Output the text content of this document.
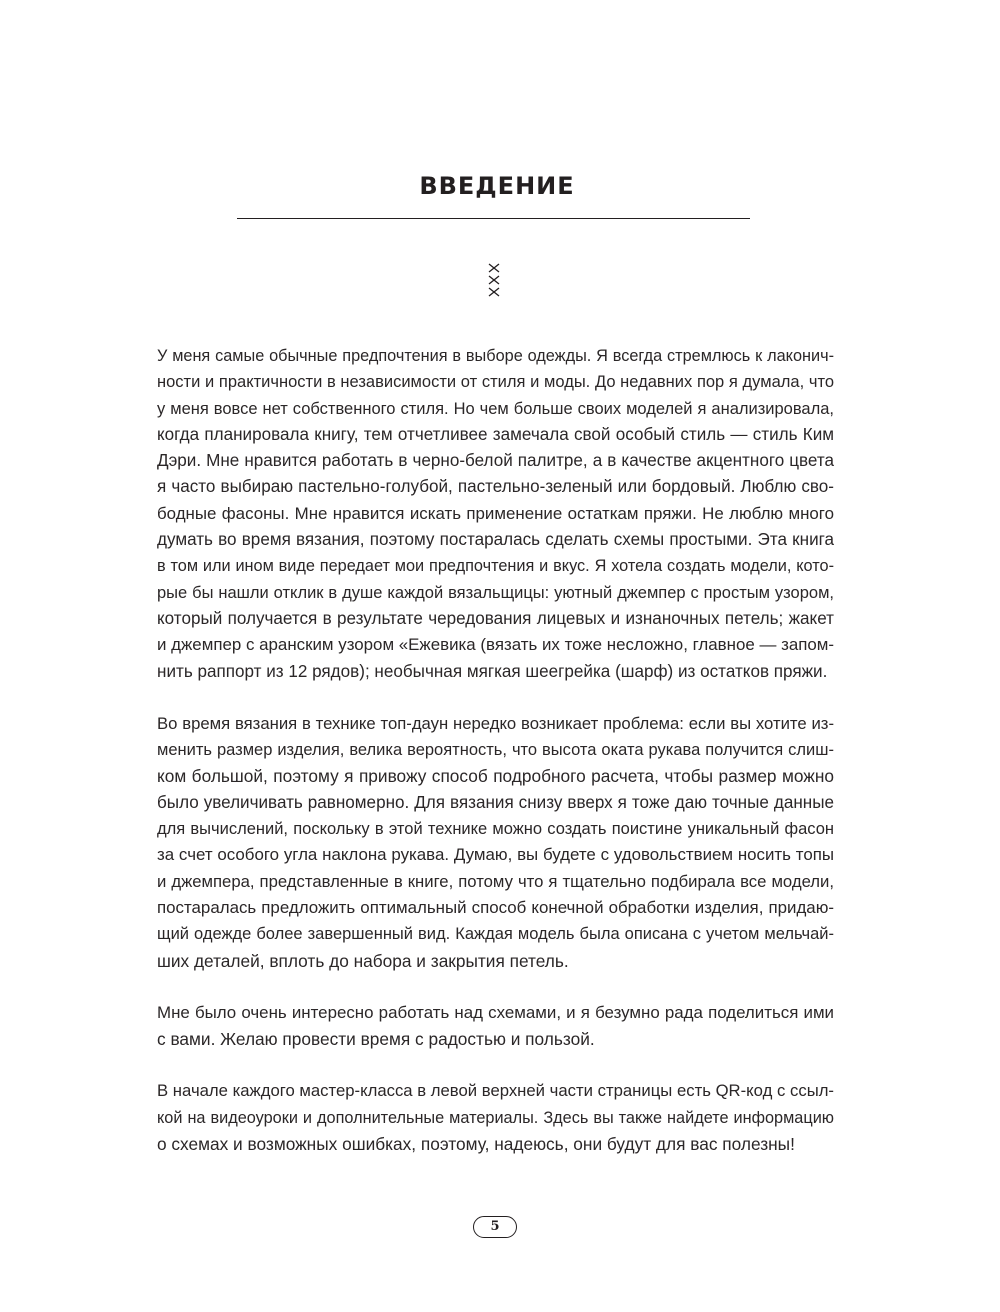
ВВЕДЕНИЕ

У меня самые обычные предпочтения в выборе одежды. Я всегда стремлюсь к лаконич-
ности и практичности в независимости от стиля и моды. До недавних пор я думала, что
у меня вовсе нет собственного стиля. Но чем больше своих моделей я анализировала,
когда планировала книгу, тем отчетливее замечала свой особый стиль — стиль Ким
Дэри. Мне нравится работать в черно-белой палитре, а в качестве акцентного цвета
я часто выбираю пастельно-голубой, пастельно-зеленый или бордовый. Люблю сво-
бодные фасоны. Мне нравится искать применение остаткам пряжи. Не люблю много
думать во время вязания, поэтому постаралась сделать схемы простыми. Эта книга
в том или ином виде передает мои предпочтения и вкус. Я хотела создать модели, кото-
рые бы нашли отклик в душе каждой вязальщицы: уютный джемпер с простым узором,
который получается в результате чередования лицевых и изнаночных петель; жакет
и джемпер с аранским узором «Ежевика (вязать их тоже несложно, главное — запом-
нить раппорт из 12 рядов); необычная мягкая шеегрейка (шарф) из остатков пряжи.

Во время вязания в технике топ-даун нередко возникает проблема: если вы хотите из-
менить размер изделия, велика вероятность, что высота оката рукава получится слиш-
ком большой, поэтому я привожу способ подробного расчета, чтобы размер можно
было увеличивать равномерно. Для вязания снизу вверх я тоже даю точные данные
для вычислений, поскольку в этой технике можно создать поистине уникальный фасон
за счет особого угла наклона рукава. Думаю, вы будете с удовольствием носить топы
и джемпера, представленные в книге, потому что я тщательно подбирала все модели,
постаралась предложить оптимальный способ конечной обработки изделия, придаю-
щий одежде более завершенный вид. Каждая модель была описана с учетом мельчай-
ших деталей, вплоть до набора и закрытия петель.

Мне было очень интересно работать над схемами, и я безумно рада поделиться ими
с вами. Желаю провести время с радостью и пользой.

В начале каждого мастер-класса в левой верхней части страницы есть QR-код с ссыл-
кой на видеоуроки и дополнительные материалы. Здесь вы также найдете информацию
о схемах и возможных ошибках, поэтому, надеюсь, они будут для вас полезны!

5
